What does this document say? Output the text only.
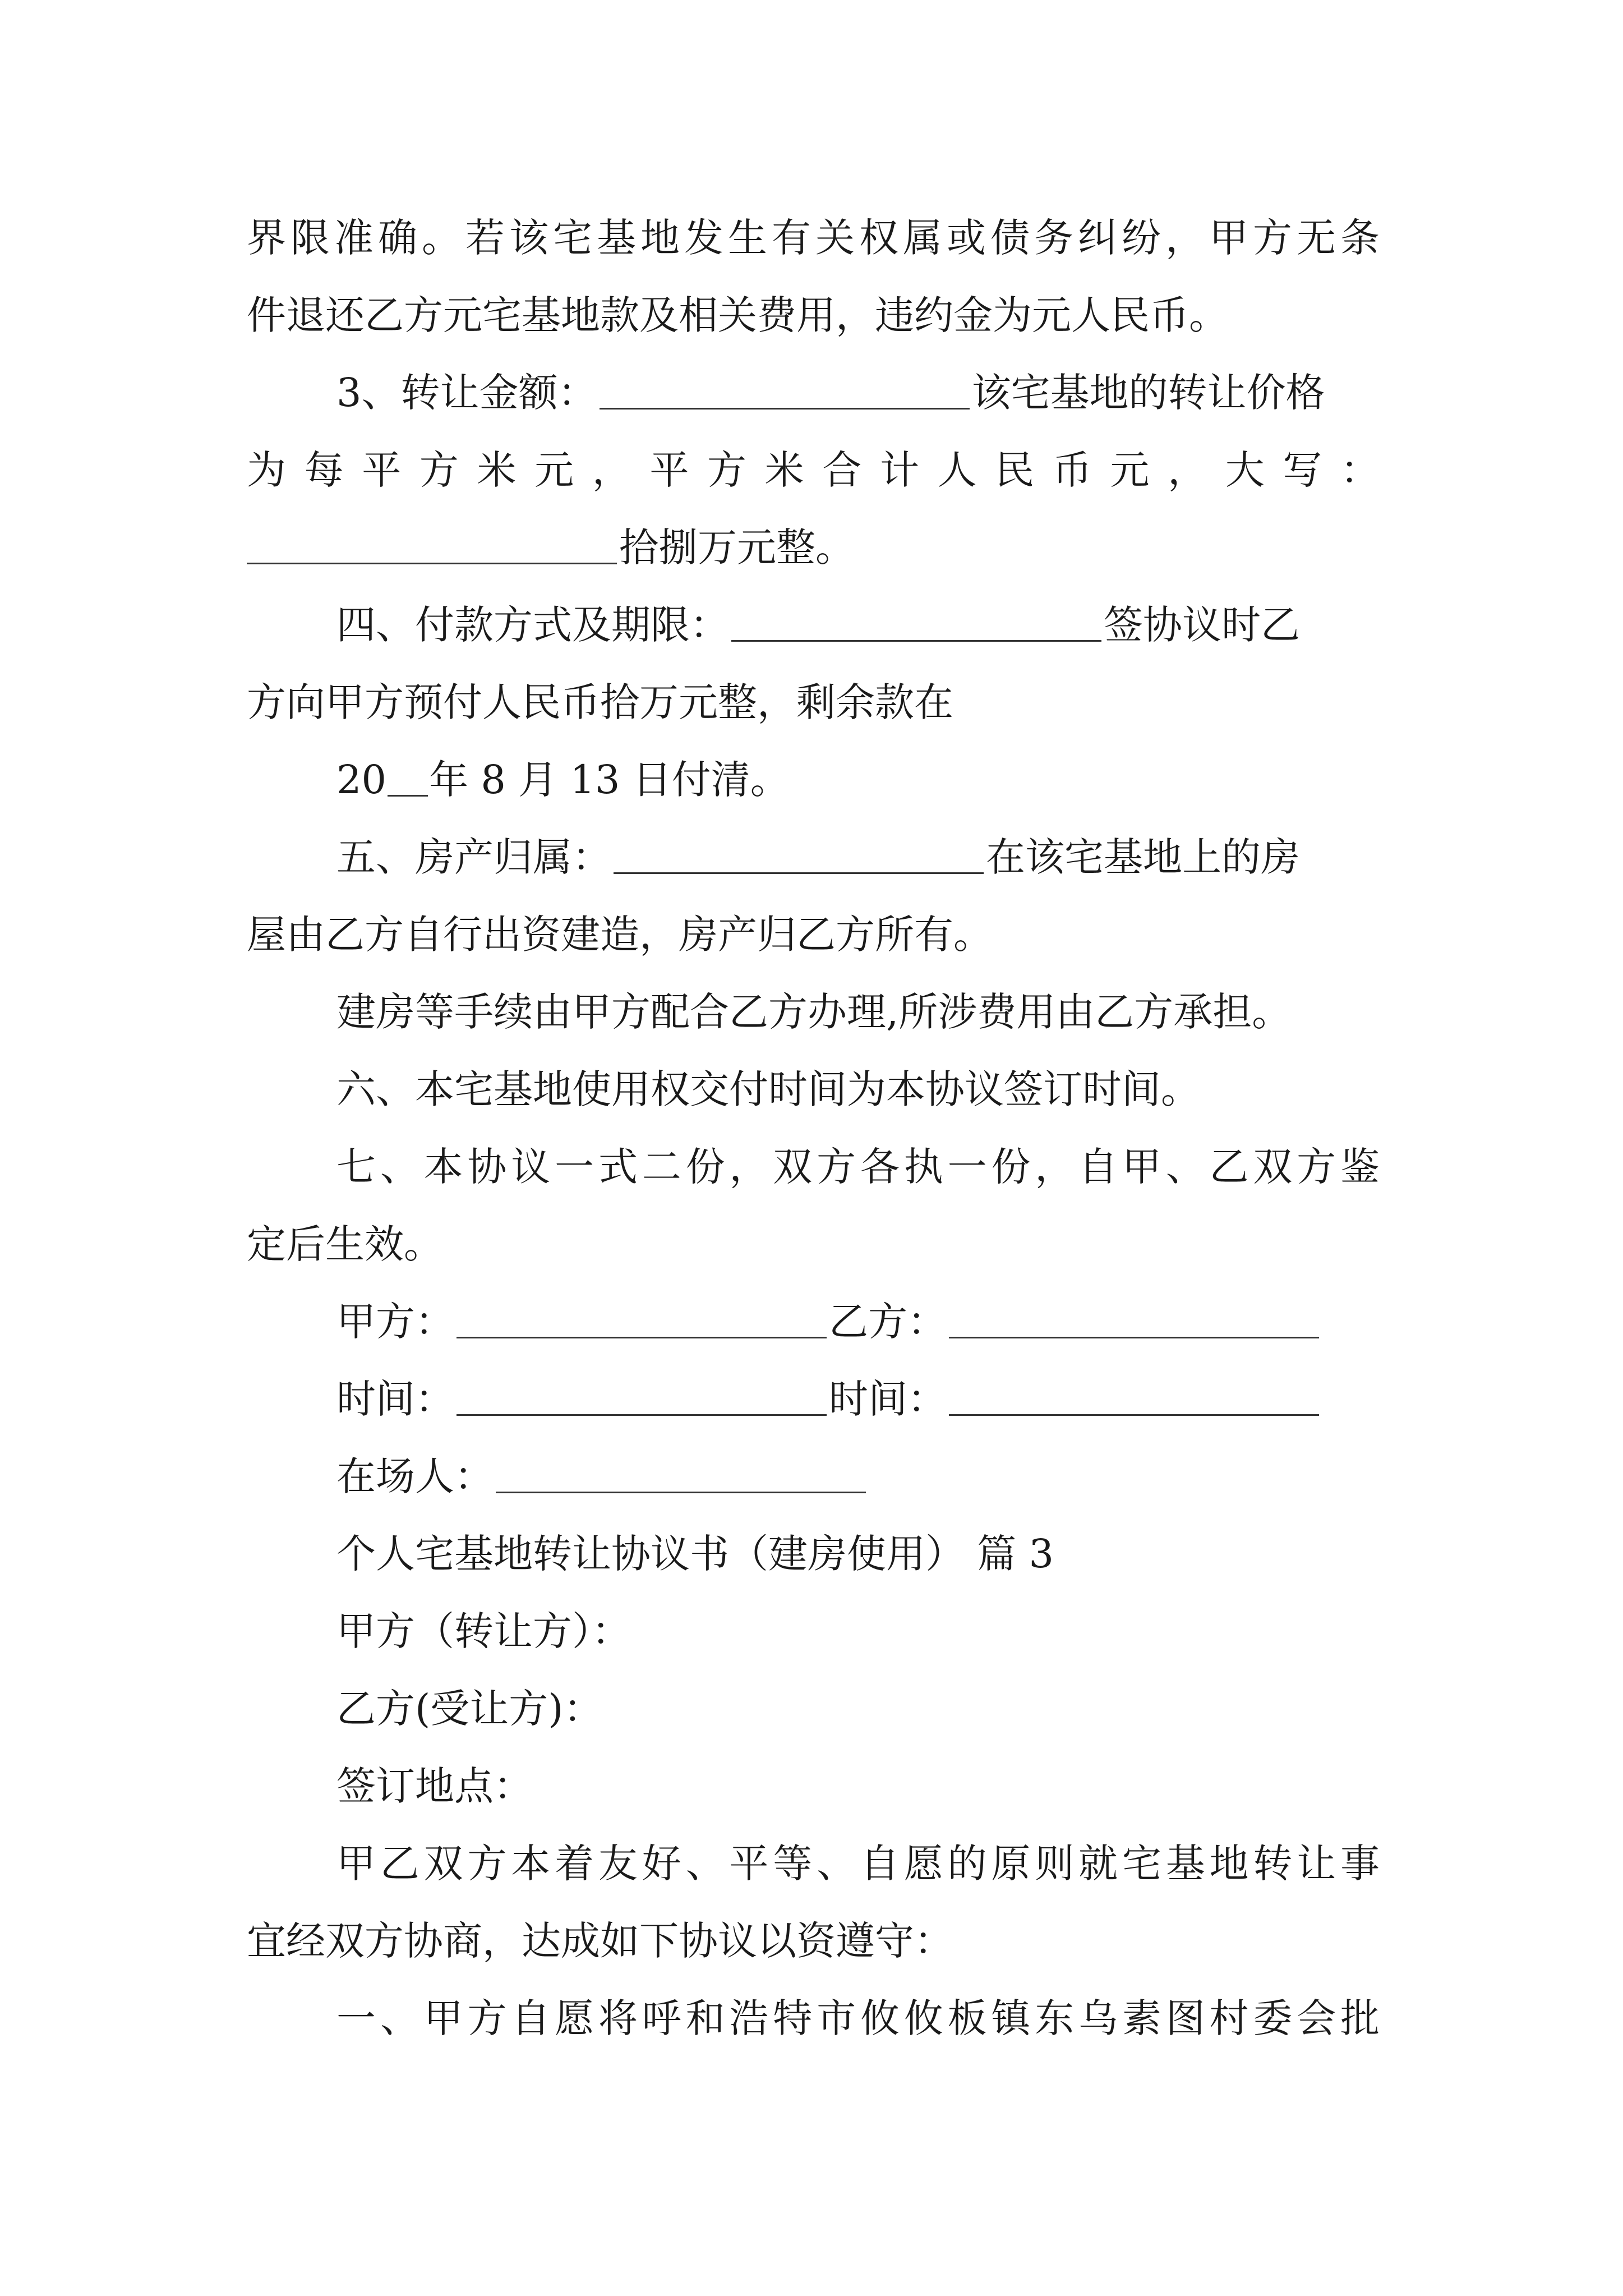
界限准确。若该宅基地发生有关权属或债务纠纷，甲方无条
件退还乙方元宅基地款及相关费用，违约金为元人民币。
3、转让金额：	该宅基地的转让价格
为每平方米元，平方米合计人民币元，大写：
拾捌万元整。
四、付款方式及期限：	签协议时乙
方向甲方预付人民币拾万元整，剩余款在
20 年 8 月 13 日付清。
五、房产归属：	在该宅基地上的房
屋由乙方自行出资建造，房产归乙方所有。
建房等手续由甲方配合乙方办理,所涉费用由乙方承担。
六、本宅基地使用权交付时间为本协议签订时间。
七、本协议一式二份，双方各执一份，自甲、乙双方鉴
定后生效。
甲方：	乙方：
时间：	时间：
在场人：
个人宅基地转让协议书（建房使用） 篇 3
甲方（转让方）：
乙方(受让方)：
签订地点：
甲乙双方本着友好、平等、自愿的原则就宅基地转让事
宜经双方协商，达成如下协议以资遵守：
一、甲方自愿将呼和浩特市攸攸板镇东乌素图村委会批
